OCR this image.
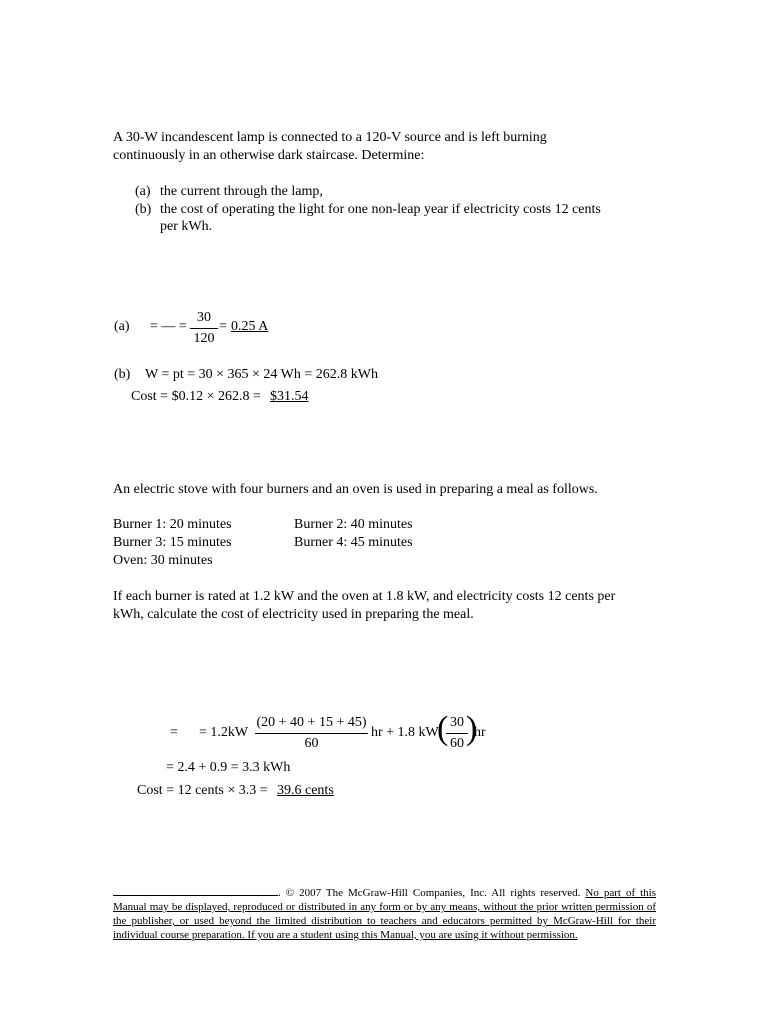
A 30-W incandescent lamp is connected to a 120-V source and is left burning
continuously in an otherwise dark staircase. Determine:
(a) the current through the lamp,
(b) the cost of operating the light for one non-leap year if electricity costs 12 cents
per kWh.
(a) = — =
30
120
= 0.25 A
(b) W = pt = 30 × 365 × 24 Wh = 262.8 kWh
Cost = $0.12 × 262.8 = $31.54
An electric stove with four burners and an oven is used in preparing a meal as follows.
Burner 1: 20 minutes	Burner 2: 40 minutes
Burner 3: 15 minutes	Burner 4: 45 minutes
Oven: 30 minutes
If each burner is rated at 1.2 kW and the oven at 1.8 kW, and electricity costs 12 cents per
kWh, calculate the cost of electricity used in preparing the meal.
= = 1.2kW
(20 + 40 + 15 + 45)
60
hr + 1.8 kW
( 30
60 )
hr
= 2.4 + 0.9 = 3.3 kWh
Cost = 12 cents × 3.3 = 39.6 cents
. © 2007 The McGraw-Hill Companies, Inc. All rights reserved. No part of this Manual may be displayed, reproduced or distributed in any form or by any means, without the prior written permission of the publisher, or used beyond the limited distribution to teachers and educators permitted by McGraw-Hill for their individual course preparation. If you are a student using this Manual, you are using it without permission.
